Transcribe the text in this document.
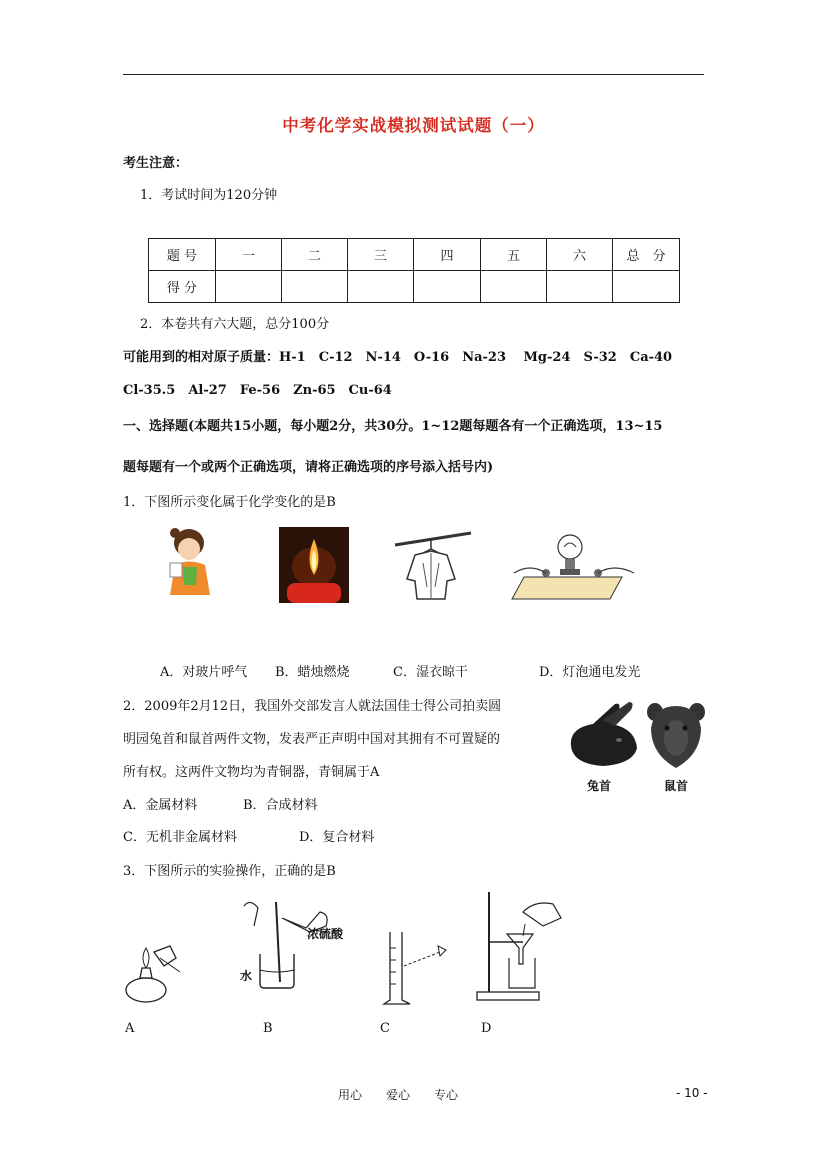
中考化学实战模拟测试试题（一）
考生注意：
1．考试时间为120分钟
题 号	一	二	三	四	五	六	总　分
得 分							
2．本卷共有六大题，总分100分
可能用到的相对原子质量：H-1　C-12　N-14　O-16　Na-23　 Mg-24　S-32　Ca-40
Cl-35.5　Al-27　Fe-56　Zn-65　Cu-64
一、选择题(本题共15小题，每小题2分，共30分。1~12题每题各有一个正确选项，13~15
题每题有一个或两个正确选项，请将正确选项的序号添入括号内)
1．下图所示变化属于化学变化的是B
A．对玻片呼气 B．蜡烛燃烧	C．湿衣晾干	D．灯泡通电发光
2．2009年2月12日，我国外交部发言人就法国佳士得公司拍卖圆
明园兔首和鼠首两件文物，发表严正声明中国对其拥有不可置疑的
所有权。这两件文物均为青铜器，青铜属于A
兔首	鼠首
A．金属材料	B．合成材料
C．无机非金属材料	D．复合材料
3．下图所示的实验操作，正确的是B
水
浓硫酸
A	B	C	D
用心　　爱心　　专心	- 10 -
